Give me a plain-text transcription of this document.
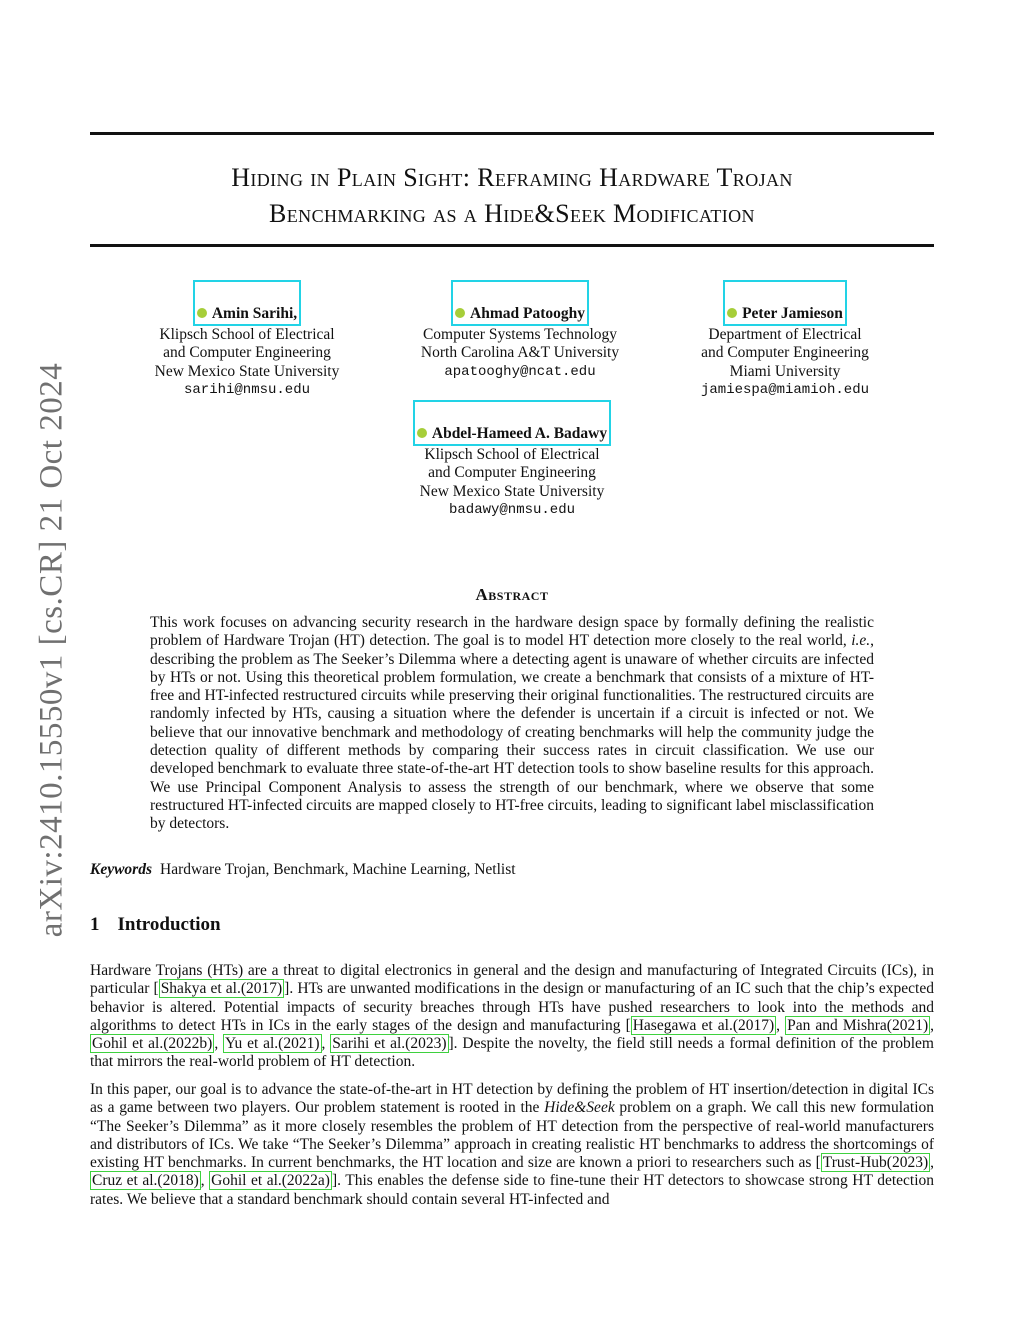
arXiv:2410.15550v1 [cs.CR] 21 Oct 2024
Hiding in Plain Sight: Reframing Hardware Trojan
Benchmarking as a Hide&Seek Modification
Amin Sarihi,
Klipsch School of Electrical
and Computer Engineering
New Mexico State University
sarihi@nmsu.edu
Ahmad Patooghy
Computer Systems Technology
North Carolina A&T University
apatooghy@ncat.edu
Peter Jamieson
Department of Electrical
and Computer Engineering
Miami University
jamiespa@miamioh.edu
Abdel-Hameed A. Badawy
Klipsch School of Electrical
and Computer Engineering
New Mexico State University
badawy@nmsu.edu
Abstract
This work focuses on advancing security research in the hardware design space by formally defining the realistic problem of Hardware Trojan (HT) detection. The goal is to model HT detection more closely to the real world, i.e., describing the problem as The Seeker’s Dilemma where a detecting agent is unaware of whether circuits are infected by HTs or not. Using this theoretical problem formulation, we create a benchmark that consists of a mixture of HT-free and HT-infected restructured circuits while preserving their original functionalities. The restructured circuits are randomly infected by HTs, causing a situation where the defender is uncertain if a circuit is infected or not. We believe that our innovative benchmark and methodology of creating benchmarks will help the community judge the detection quality of different methods by comparing their success rates in circuit classification. We use our developed benchmark to evaluate three state-of-the-art HT detection tools to show baseline results for this approach. We use Principal Component Analysis to assess the strength of our benchmark, where we observe that some restructured HT-infected circuits are mapped closely to HT-free circuits, leading to significant label misclassification by detectors.
Keywords Hardware Trojan, Benchmark, Machine Learning, Netlist
1 Introduction

Hardware Trojans (HTs) are a threat to digital electronics in general and the design and manufacturing of Integrated Circuits (ICs), in particular [ Shakya et al.(2017) ]. HTs are unwanted modifications in the design or manufacturing of an IC such that the chip’s expected behavior is altered. Potential impacts of security breaches through HTs have pushed researchers to look into the methods and algorithms to detect HTs in ICs in the early stages of the design and manufacturing [ Hasegawa et al.(2017) , Pan and Mishra(2021) , Gohil et al.(2022b) , Yu et al.(2021) , Sarihi et al.(2023) ]. Despite the novelty, the field still needs a formal definition of the problem that mirrors the real-world problem of HT detection.

In this paper, our goal is to advance the state-of-the-art in HT detection by defining the problem of HT insertion/detection in digital ICs as a game between two players. Our problem statement is rooted in the Hide&Seek problem on a graph. We call this new formulation “The Seeker’s Dilemma” as it more closely resembles the problem of HT detection from the perspective of real-world manufacturers and distributors of ICs. We take “The Seeker’s Dilemma” approach in creating realistic HT benchmarks to address the shortcomings of existing HT benchmarks. In current benchmarks, the HT location and size are known a priori to researchers such as [ Trust-Hub(2023) , Cruz et al.(2018) , Gohil et al.(2022a) ]. This enables the defense side to fine-tune their HT detectors to showcase strong HT detection rates. We believe that a standard benchmark should contain several HT-infected and
